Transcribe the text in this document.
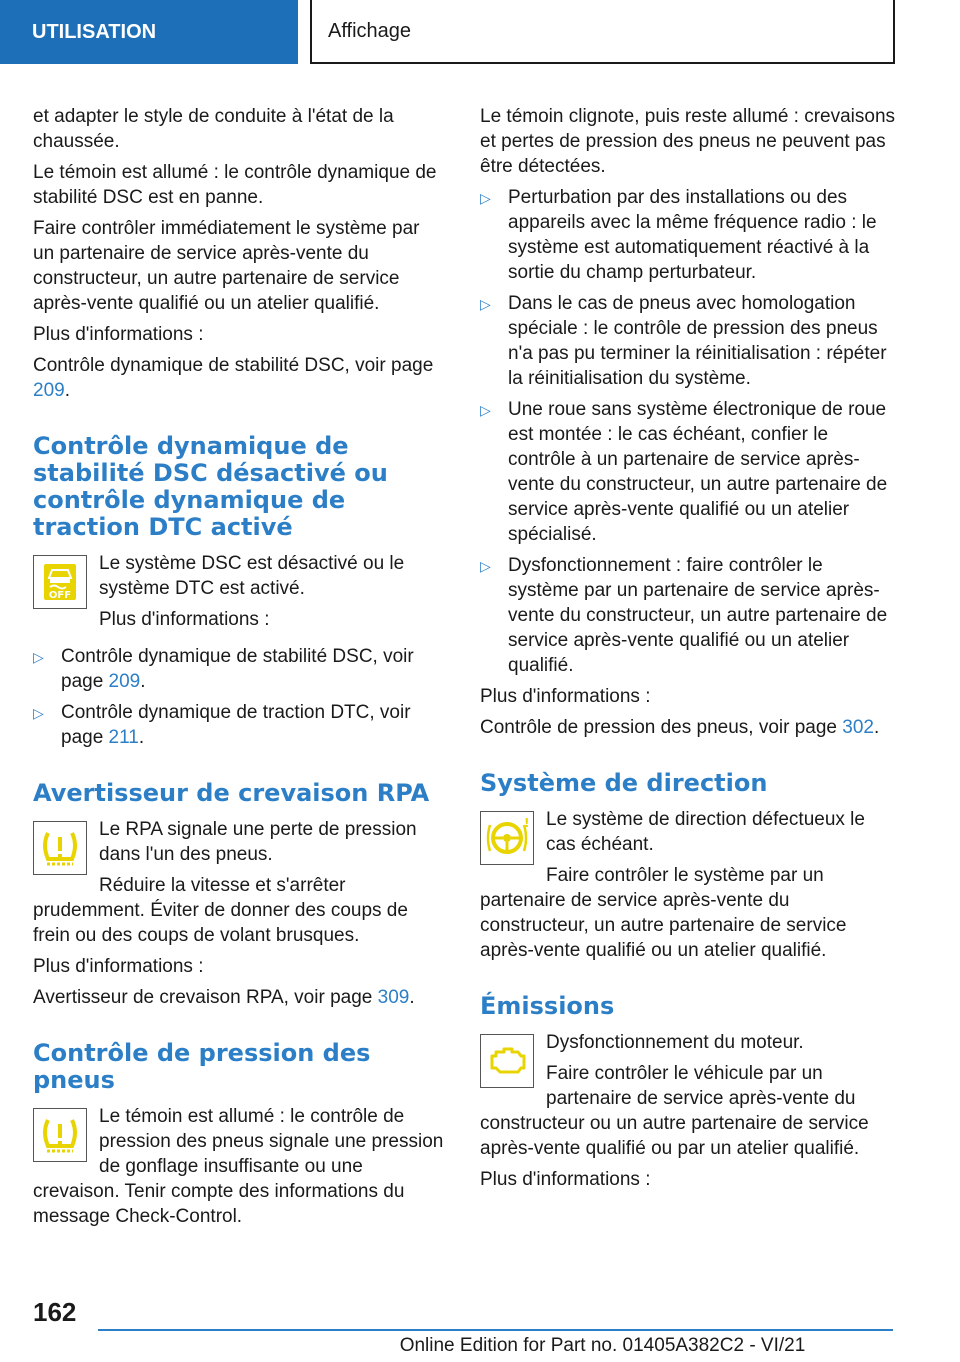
UTILISATION	Affichage

et adapter le style de conduite à l'état de la chaussée.

Le témoin est allumé : le contrôle dynamique de stabilité DSC est en panne.

Faire contrôler immédiatement le système par un partenaire de service après-vente du constructeur, un autre partenaire de service après-vente qualifié ou un atelier qualifié.

Plus d'informations :

Contrôle dynamique de stabilité DSC, voir page 209.

Contrôle dynamique de stabilité DSC désactivé ou contrôle dynamique de traction DTC activé
OFF

Le système DSC est désactivé ou le système DTC est activé.

Plus d'informations :

▷ Contrôle dynamique de stabilité DSC, voir page 209.
▷ Contrôle dynamique de traction DTC, voir page 211.
Avertisseur de crevaison RPA

Le RPA signale une perte de pression dans l'un des pneus.

Réduire la vitesse et s'arrêter prudemment. Éviter de donner des coups de frein ou des coups de volant brusques.

Plus d'informations :

Avertisseur de crevaison RPA, voir page 309.

Contrôle de pression des pneus

Le témoin est allumé : le contrôle de pression des pneus signale une pression de gonflage insuffisante ou une crevaison. Tenir compte des informations du message Check-Control.

Le témoin clignote, puis reste allumé : crevaisons et pertes de pression des pneus ne peuvent pas être détectées.

▷ Perturbation par des installations ou des appareils avec la même fréquence radio : le système est automatiquement réactivé à la sortie du champ perturbateur.
▷ Dans le cas de pneus avec homologation spéciale : le contrôle de pression des pneus n'a pas pu terminer la réinitialisation : répéter la réinitialisation du système.
▷ Une roue sans système électronique de roue est montée : le cas échéant, confier le contrôle à un partenaire de service après-vente du constructeur, un autre partenaire de service après-vente qualifié ou un atelier spécialisé.
▷ Dysfonctionnement : faire contrôler le système par un partenaire de service après-vente du constructeur, un autre partenaire de service après-vente qualifié ou un atelier qualifié.

Plus d'informations :

Contrôle de pression des pneus, voir page 302.

Système de direction
! Le système de direction défectueux le cas échéant.

Faire contrôler le système par un partenaire de service après-vente du constructeur, un autre partenaire de service après-vente qualifié ou un atelier qualifié.

Émissions

Dysfonctionnement du moteur.

Faire contrôler le véhicule par un partenaire de service après-vente du constructeur ou un autre partenaire de service après-vente qualifié ou par un atelier qualifié.

Plus d'informations :

162
Online Edition for Part no. 01405A382C2 - VI/21
